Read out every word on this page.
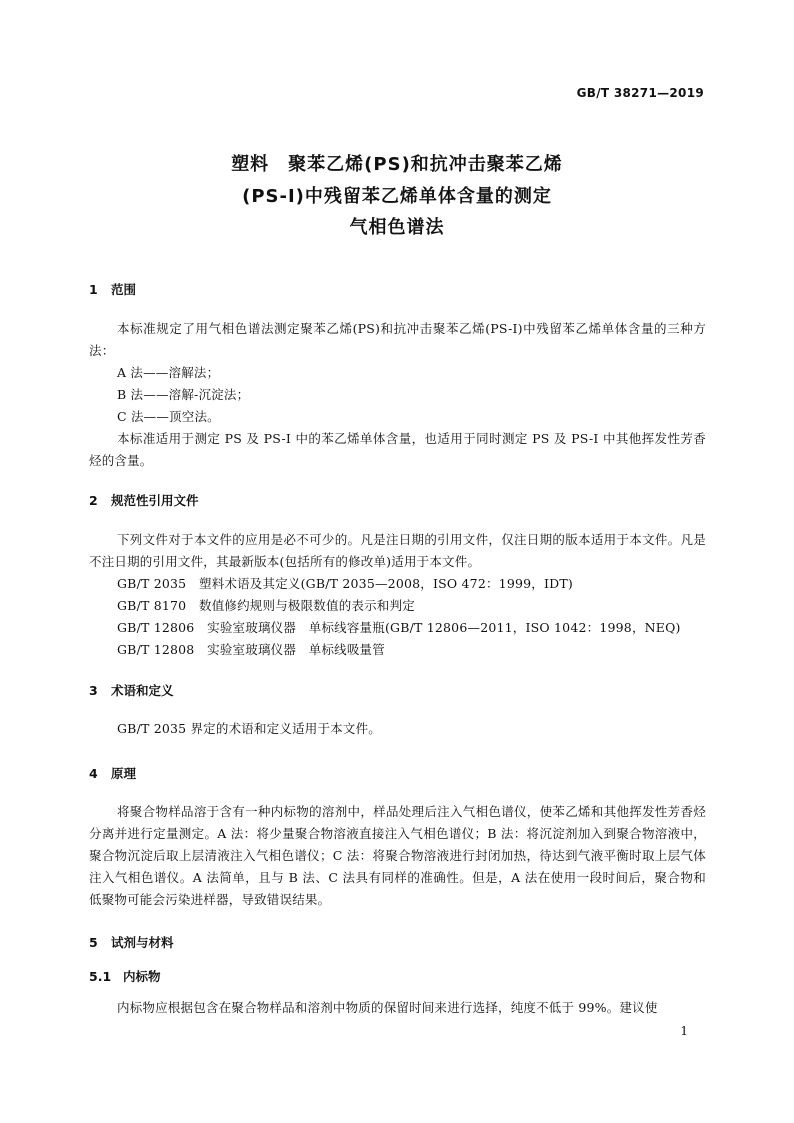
GB/T 38271—2019
塑料　聚苯乙烯(PS)和抗冲击聚苯乙烯
(PS-I)中残留苯乙烯单体含量的测定
气相色谱法
1 范围
本标准规定了用气相色谱法测定聚苯乙烯(PS)和抗冲击聚苯乙烯(PS-I)中残留苯乙烯单体含量的三种方法：
A 法——溶解法；
B 法——溶解-沉淀法；
C 法——顶空法。
本标准适用于测定 PS 及 PS-I 中的苯乙烯单体含量，也适用于同时测定 PS 及 PS-I 中其他挥发性芳香烃的含量。
2 规范性引用文件
下列文件对于本文件的应用是必不可少的。凡是注日期的引用文件，仅注日期的版本适用于本文件。凡是不注日期的引用文件，其最新版本(包括所有的修改单)适用于本文件。
GB/T 2035　塑料术语及其定义(GB/T 2035—2008，ISO 472：1999，IDT)
GB/T 8170　数值修约规则与极限数值的表示和判定
GB/T 12806　实验室玻璃仪器　单标线容量瓶(GB/T 12806—2011，ISO 1042：1998，NEQ)
GB/T 12808　实验室玻璃仪器　单标线吸量管
3 术语和定义
GB/T 2035 界定的术语和定义适用于本文件。
4 原理
将聚合物样品溶于含有一种内标物的溶剂中，样品处理后注入气相色谱仪，使苯乙烯和其他挥发性芳香烃分离并进行定量测定。A 法：将少量聚合物溶液直接注入气相色谱仪；B 法：将沉淀剂加入到聚合物溶液中，聚合物沉淀后取上层清液注入气相色谱仪；C 法：将聚合物溶液进行封闭加热，待达到气液平衡时取上层气体注入气相色谱仪。A 法简单，且与 B 法、C 法具有同样的准确性。但是，A 法在使用一段时间后，聚合物和低聚物可能会污染进样器，导致错误结果。
5 试剂与材料
5.1 内标物
内标物应根据包含在聚合物样品和溶剂中物质的保留时间来进行选择，纯度不低于 99%。建议使
1
